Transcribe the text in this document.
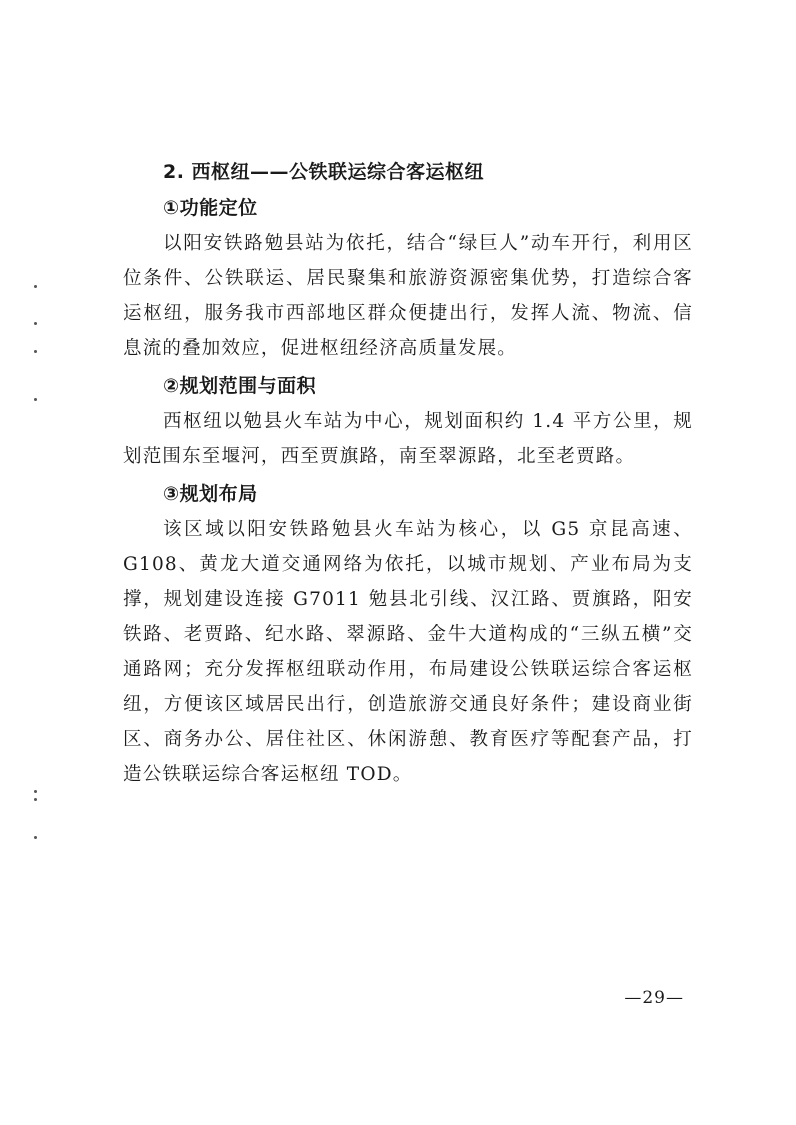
2. 西枢纽——公铁联运综合客运枢纽
①功能定位

以阳安铁路勉县站为依托，结合“绿巨人”动车开行，利用区位条件、公铁联运、居民聚集和旅游资源密集优势，打造综合客运枢纽，服务我市西部地区群众便捷出行，发挥人流、物流、信息流的叠加效应，促进枢纽经济高质量发展。

②规划范围与面积

西枢纽以勉县火车站为中心，规划面积约 1.4 平方公里，规划范围东至堰河，西至贾旗路，南至翠源路，北至老贾路。

③规划布局

该区域以阳安铁路勉县火车站为核心，以 G5 京昆高速、G108、黄龙大道交通网络为依托，以城市规划、产业布局为支撑，规划建设连接 G7011 勉县北引线、汉江路、贾旗路，阳安铁路、老贾路、纪水路、翠源路、金牛大道构成的“三纵五横”交通路网；充分发挥枢纽联动作用，布局建设公铁联运综合客运枢纽，方便该区域居民出行，创造旅游交通良好条件；建设商业街区、商务办公、居住社区、休闲游憩、教育医疗等配套产品，打造公铁联运综合客运枢纽 TOD。

—29—
